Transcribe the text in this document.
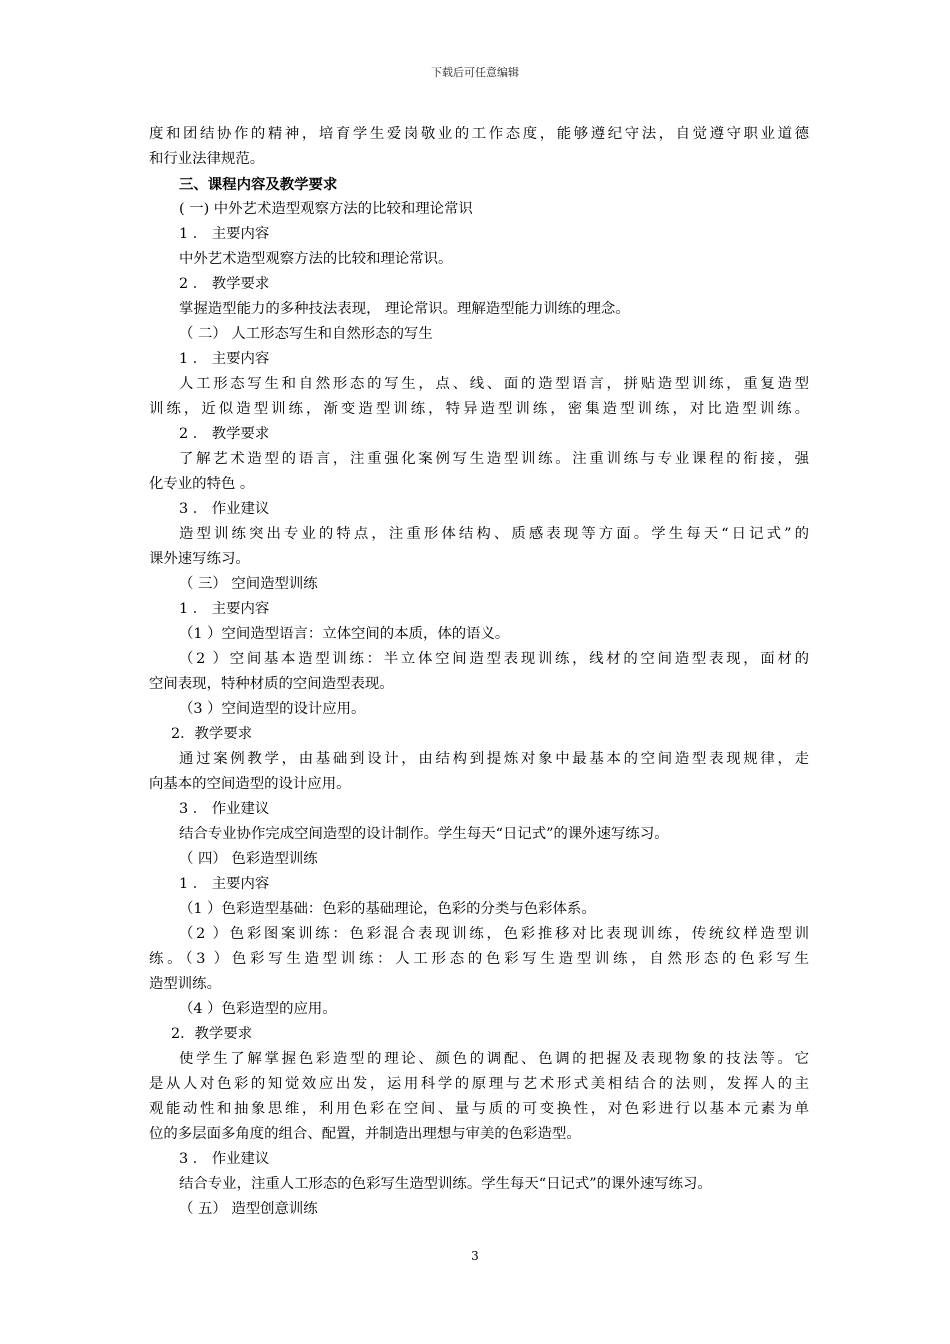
下载后可任意编辑
度和团结协作的精神，培育学生爱岗敬业的工作态度，能够遵纪守法，自觉遵守职业道德
和行业法律规范。
三、课程内容及教学要求
( 一) 中外艺术造型观察方法的比较和理论常识
1 ． 主要内容
中外艺术造型观察方法的比较和理论常识。
2 ． 教学要求
掌握造型能力的多种技法表现， 理论常识。理解造型能力训练的理念。
（ 二） 人工形态写生和自然形态的写生
1 ． 主要内容
人工形态写生和自然形态的写生，点、线、面的造型语言，拼贴造型训练，重复造型
训练，近似造型训练，渐变造型训练，特异造型训练，密集造型训练，对比造型训练。
2 ． 教学要求
了解艺术造型的语言，注重强化案例写生造型训练。注重训练与专业课程的衔接，强
化专业的特色 。
3 ． 作业建议
造型训练突出专业的特点，注重形体结构、质感表现等方面。学生每天“日记式”的
课外速写练习。
（ 三） 空间造型训练
1 ． 主要内容
（1 ）空间造型语言：立体空间的本质，体的语义。
（2 ）空间基本造型训练：半立体空间造型表现训练，线材的空间造型表现，面材的
空间表现，特种材质的空间造型表现。
（3 ）空间造型的设计应用。
2．教学要求
通过案例教学，由基础到设计，由结构到提炼对象中最基本的空间造型表现规律，走
向基本的空间造型的设计应用。
3 ． 作业建议
结合专业协作完成空间造型的设计制作。学生每天“日记式”的课外速写练习。
（ 四） 色彩造型训练
1 ． 主要内容
（1 ）色彩造型基础：色彩的基础理论，色彩的分类与色彩体系。
（2 ）色彩图案训练：色彩混合表现训练，色彩推移对比表现训练，传统纹样造型训
练。（3 ）色彩写生造型训练：人工形态的色彩写生造型训练，自然形态的色彩写生
造型训练。
（4 ）色彩造型的应用。
2．教学要求
使学生了解掌握色彩造型的理论、颜色的调配、色调的把握及表现物象的技法等。它
是从人对色彩的知觉效应出发，运用科学的原理与艺术形式美相结合的法则，发挥人的主
观能动性和抽象思维，利用色彩在空间、量与质的可变换性，对色彩进行以基本元素为单
位的多层面多角度的组合、配置，并制造出理想与审美的色彩造型。
3 ． 作业建议
结合专业，注重人工形态的色彩写生造型训练。学生每天“日记式”的课外速写练习。
（ 五） 造型创意训练
3
